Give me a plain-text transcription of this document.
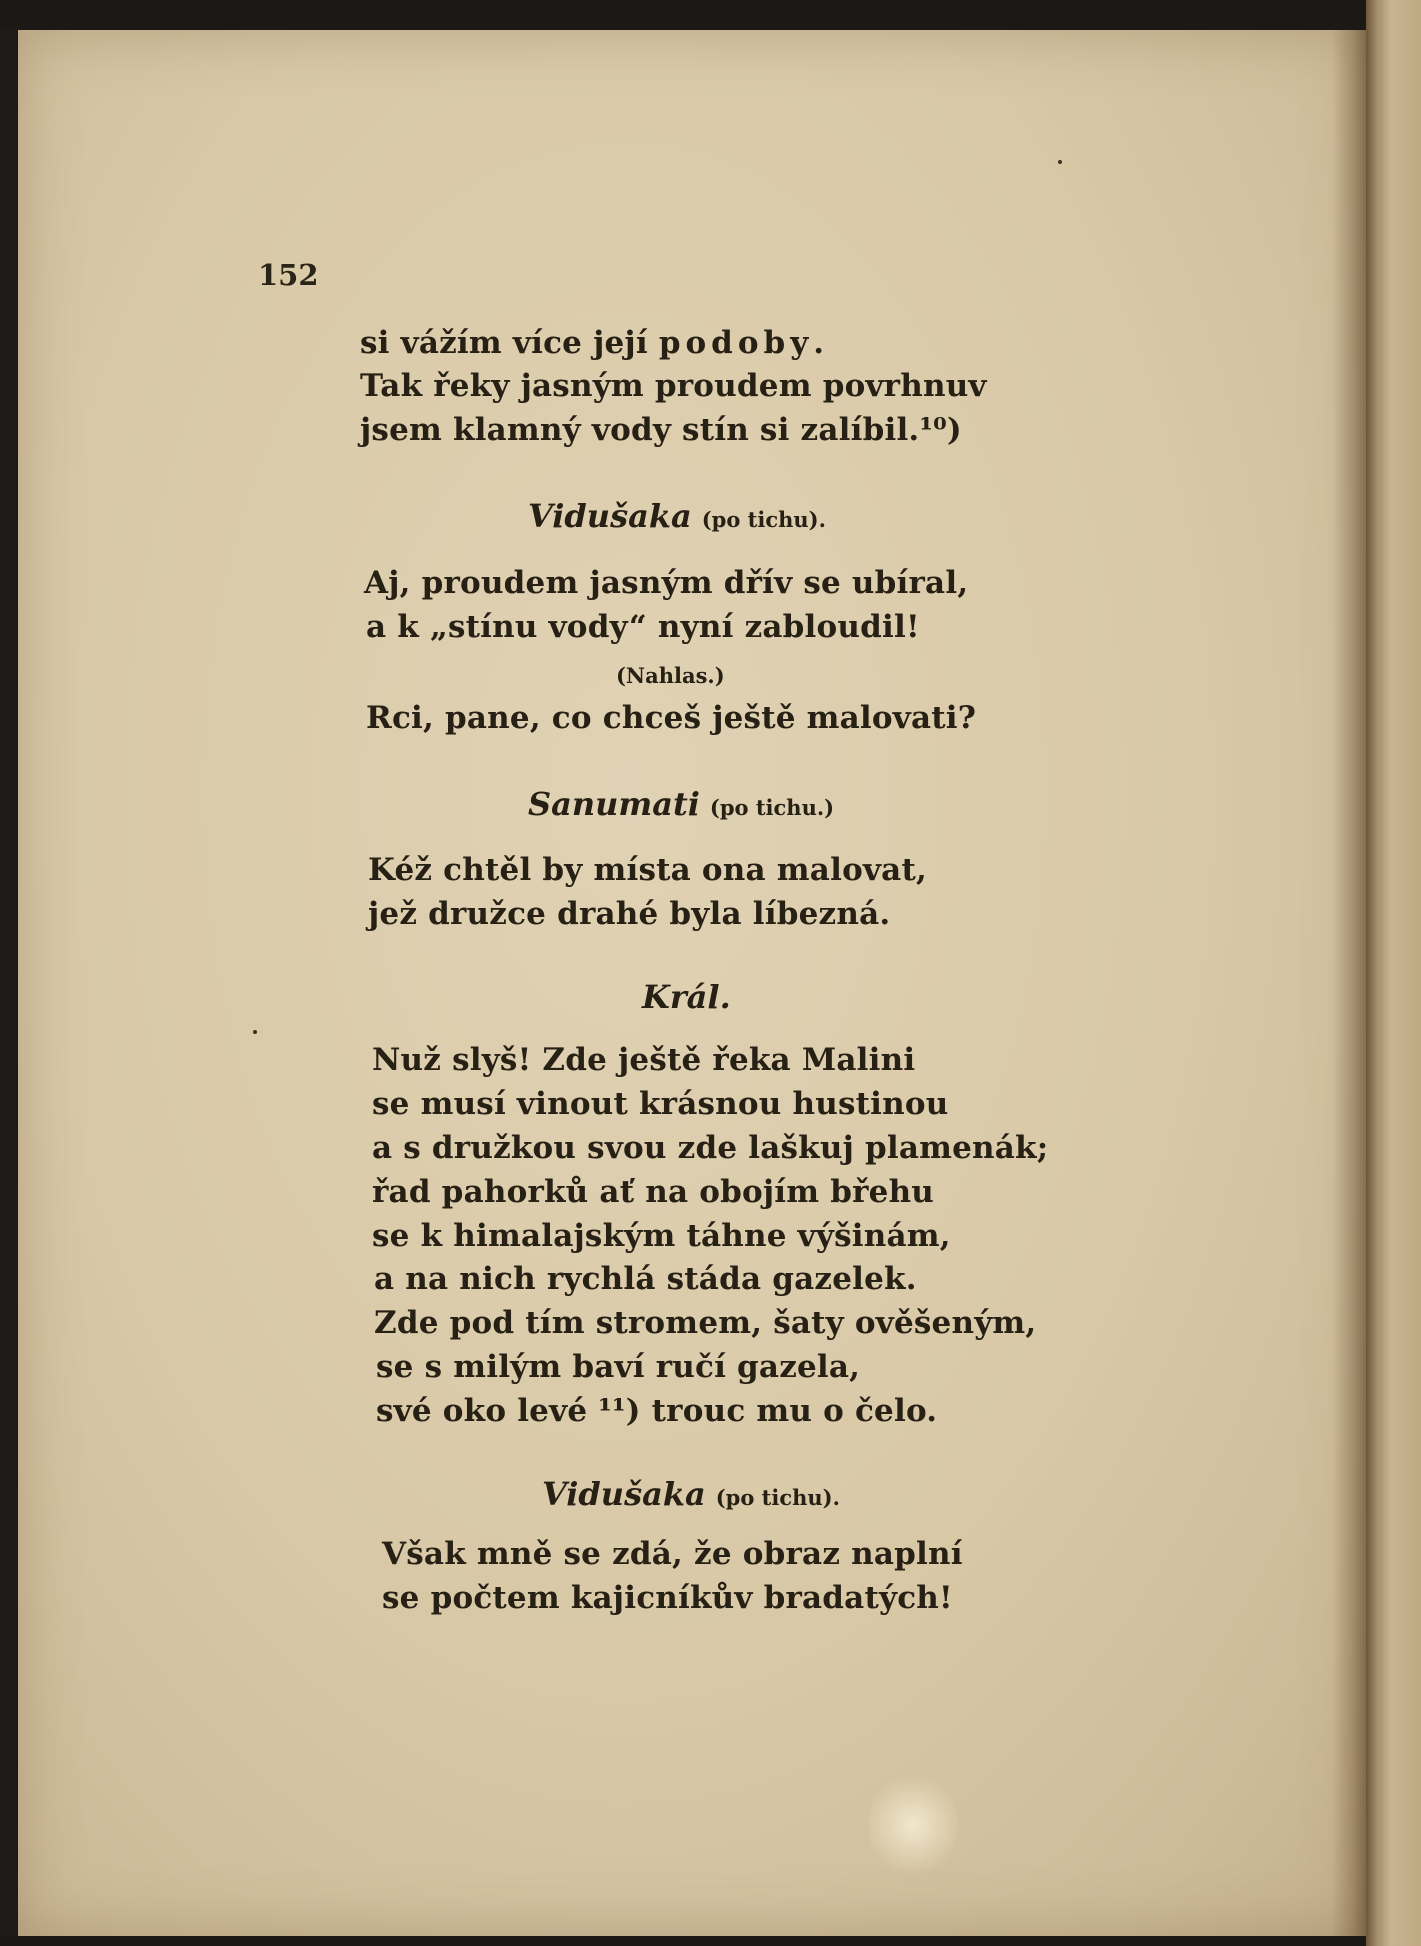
152
si vážím více její podoby.
Tak řeky jasným proudem povrhnuv
jsem klamný vody stín si zalíbil.¹⁰)
Vidušaka (po tichu).
Aj, proudem jasným dřív se ubíral,
a k „stínu vody“ nyní zabloudil!
(Nahlas.)
Rci, pane, co chceš ještě malovati?
Sanumati (po tichu.)
Kéž chtěl by místa ona malovat,
jež družce drahé byla líbezná.
Král.
Nuž slyš! Zde ještě řeka Malini
se musí vinout krásnou hustinou
a s družkou svou zde laškuj plamenák;
řad pahorků ať na obojím břehu
se k himalajským táhne výšinám,
a na nich rychlá stáda gazelek.
Zde pod tím stromem, šaty ověšeným,
se s milým baví ručí gazela,
své oko levé ¹¹) trouc mu o čelo.
Vidušaka (po tichu).
Však mně se zdá, že obraz naplní
se počtem kajicníkův bradatých!
